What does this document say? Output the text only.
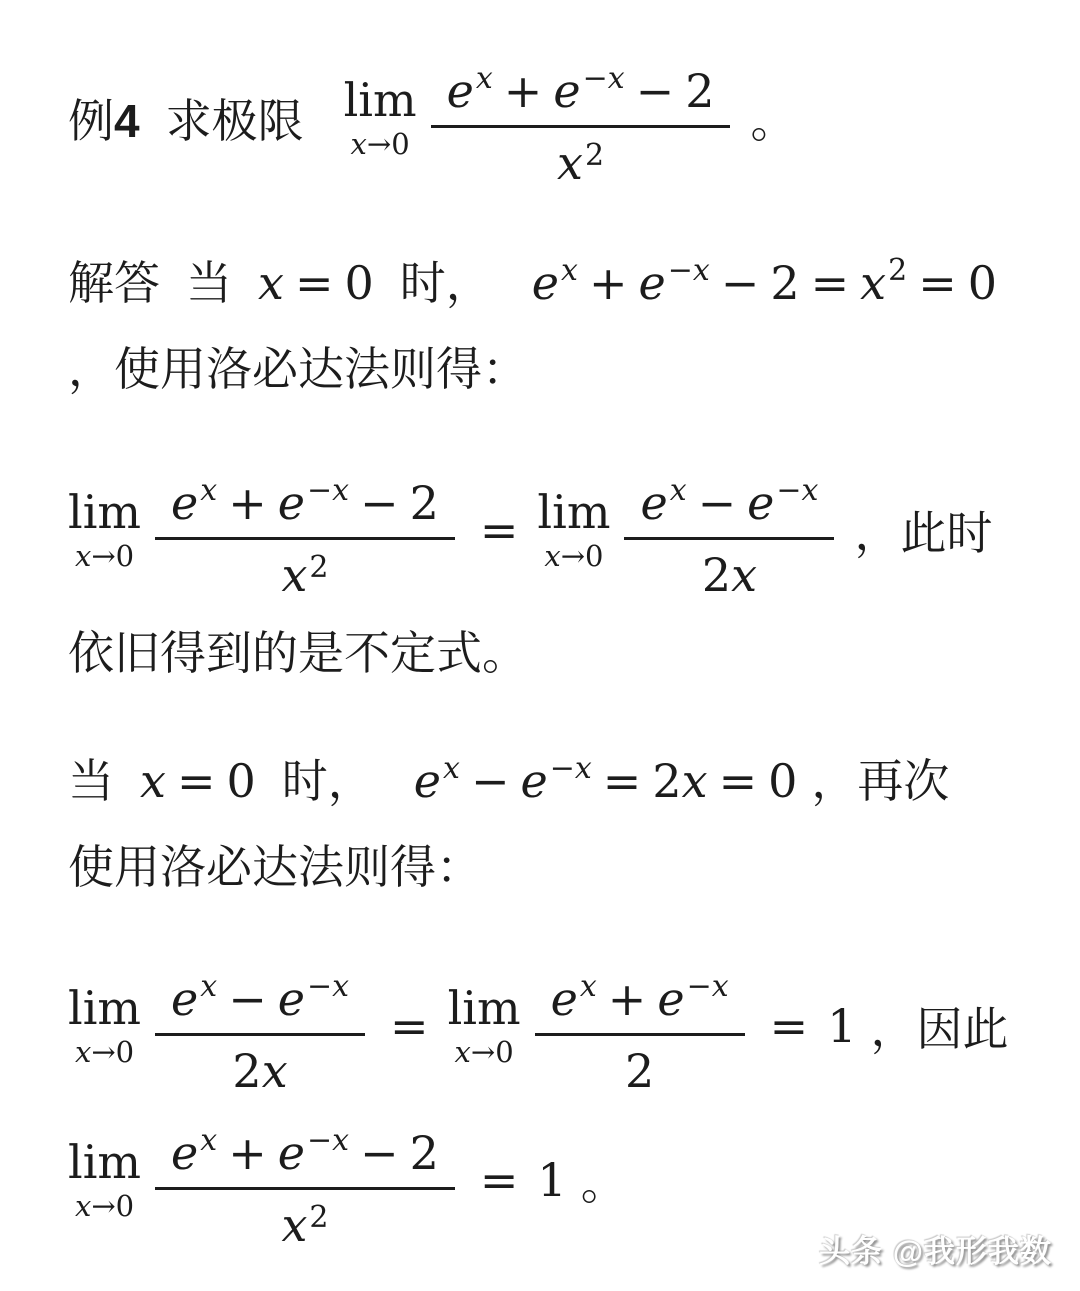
例4 求极限 lim
$x\to 0 \frac{e^x + e^{-x} - 2}{x^2}$ 。
解答 当 x = 0 时， $e^x + e^{-x} - 2 = x^2 = 0$
，使用洛必达法则得：
lim
$x\to 0 \frac{e^x + e^{-x} - 2}{x^2} = \lim$
$x\to 0 \frac{e^x - e^{-x}}{2x}$ ，此时
依旧得到的是不定式。
当 x = 0 时， $e^x - e^{-x} = 2x = 0$ ，再次
使用洛必达法则得：
lim
$x\to 0 \frac{e^x - e^{-x}}{2x} = \lim$
$x\to 0 \frac{e^x + e^{-x}}{2} = 1$ ，因此
lim
$x\to 0 \frac{e^x + e^{-x} - 2}{x^2} = 1$ 。
头条 @我形我数
